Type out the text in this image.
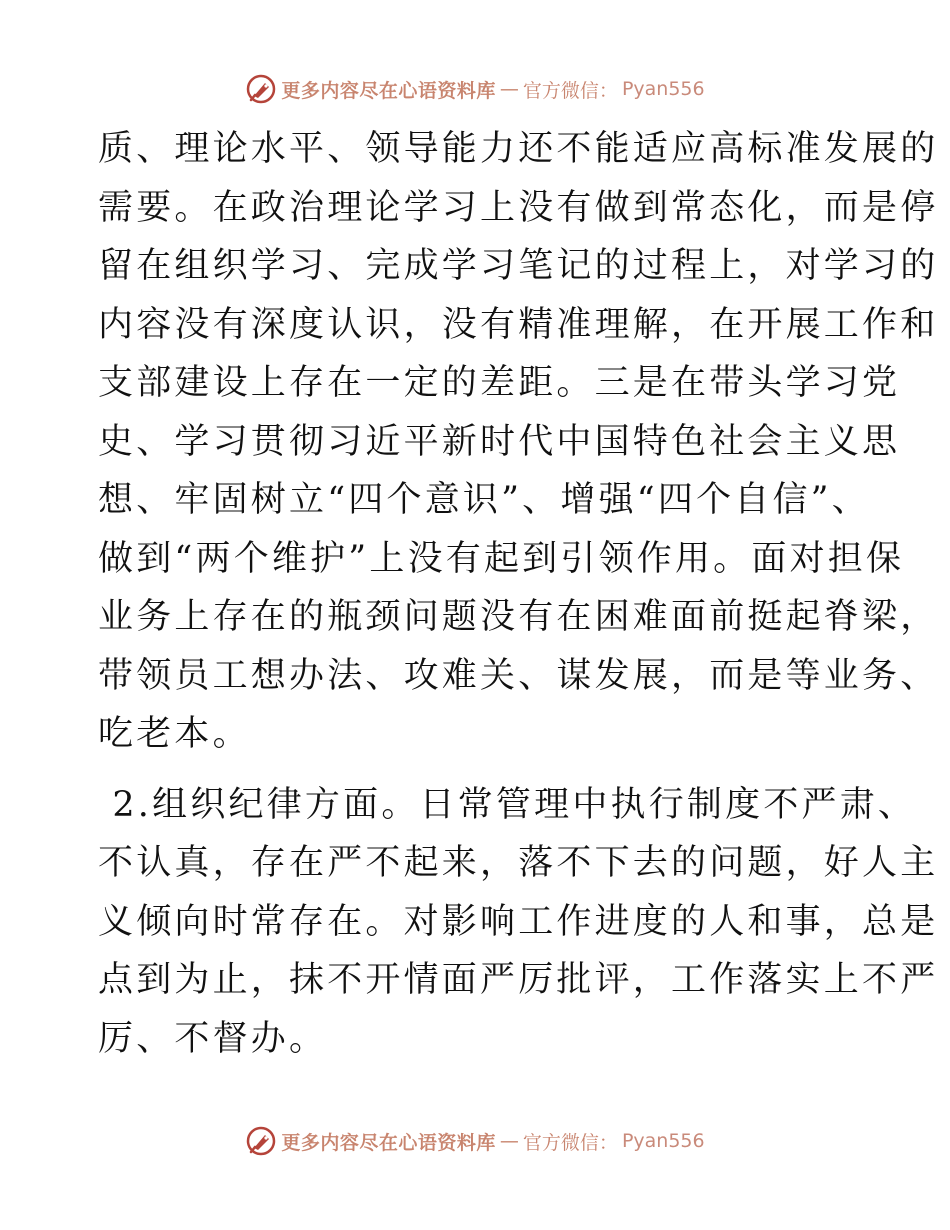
更多内容尽在心语资料库 — 官方微信： Pyan556

质、理论水平、领导能力还不能适应高标准发展的
需要。在政治理论学习上没有做到常态化，而是停
留在组织学习、完成学习笔记的过程上，对学习的
内容没有深度认识，没有精准理解，在开展工作和
支部建设上存在一定的差距。三是在带头学习党
史、学习贯彻习近平新时代中国特色社会主义思
想、牢固树立“四个意识”、增强“四个自信”、
做到“两个维护”上没有起到引领作用。面对担保
业务上存在的瓶颈问题没有在困难面前挺起脊梁，
带领员工想办法、攻难关、谋发展，而是等业务、
吃老本。

2.组织纪律方面。日常管理中执行制度不严肃、
不认真，存在严不起来，落不下去的问题，好人主
义倾向时常存在。对影响工作进度的人和事，总是
点到为止，抹不开情面严厉批评，工作落实上不严
厉、不督办。

更多内容尽在心语资料库 — 官方微信： Pyan556
